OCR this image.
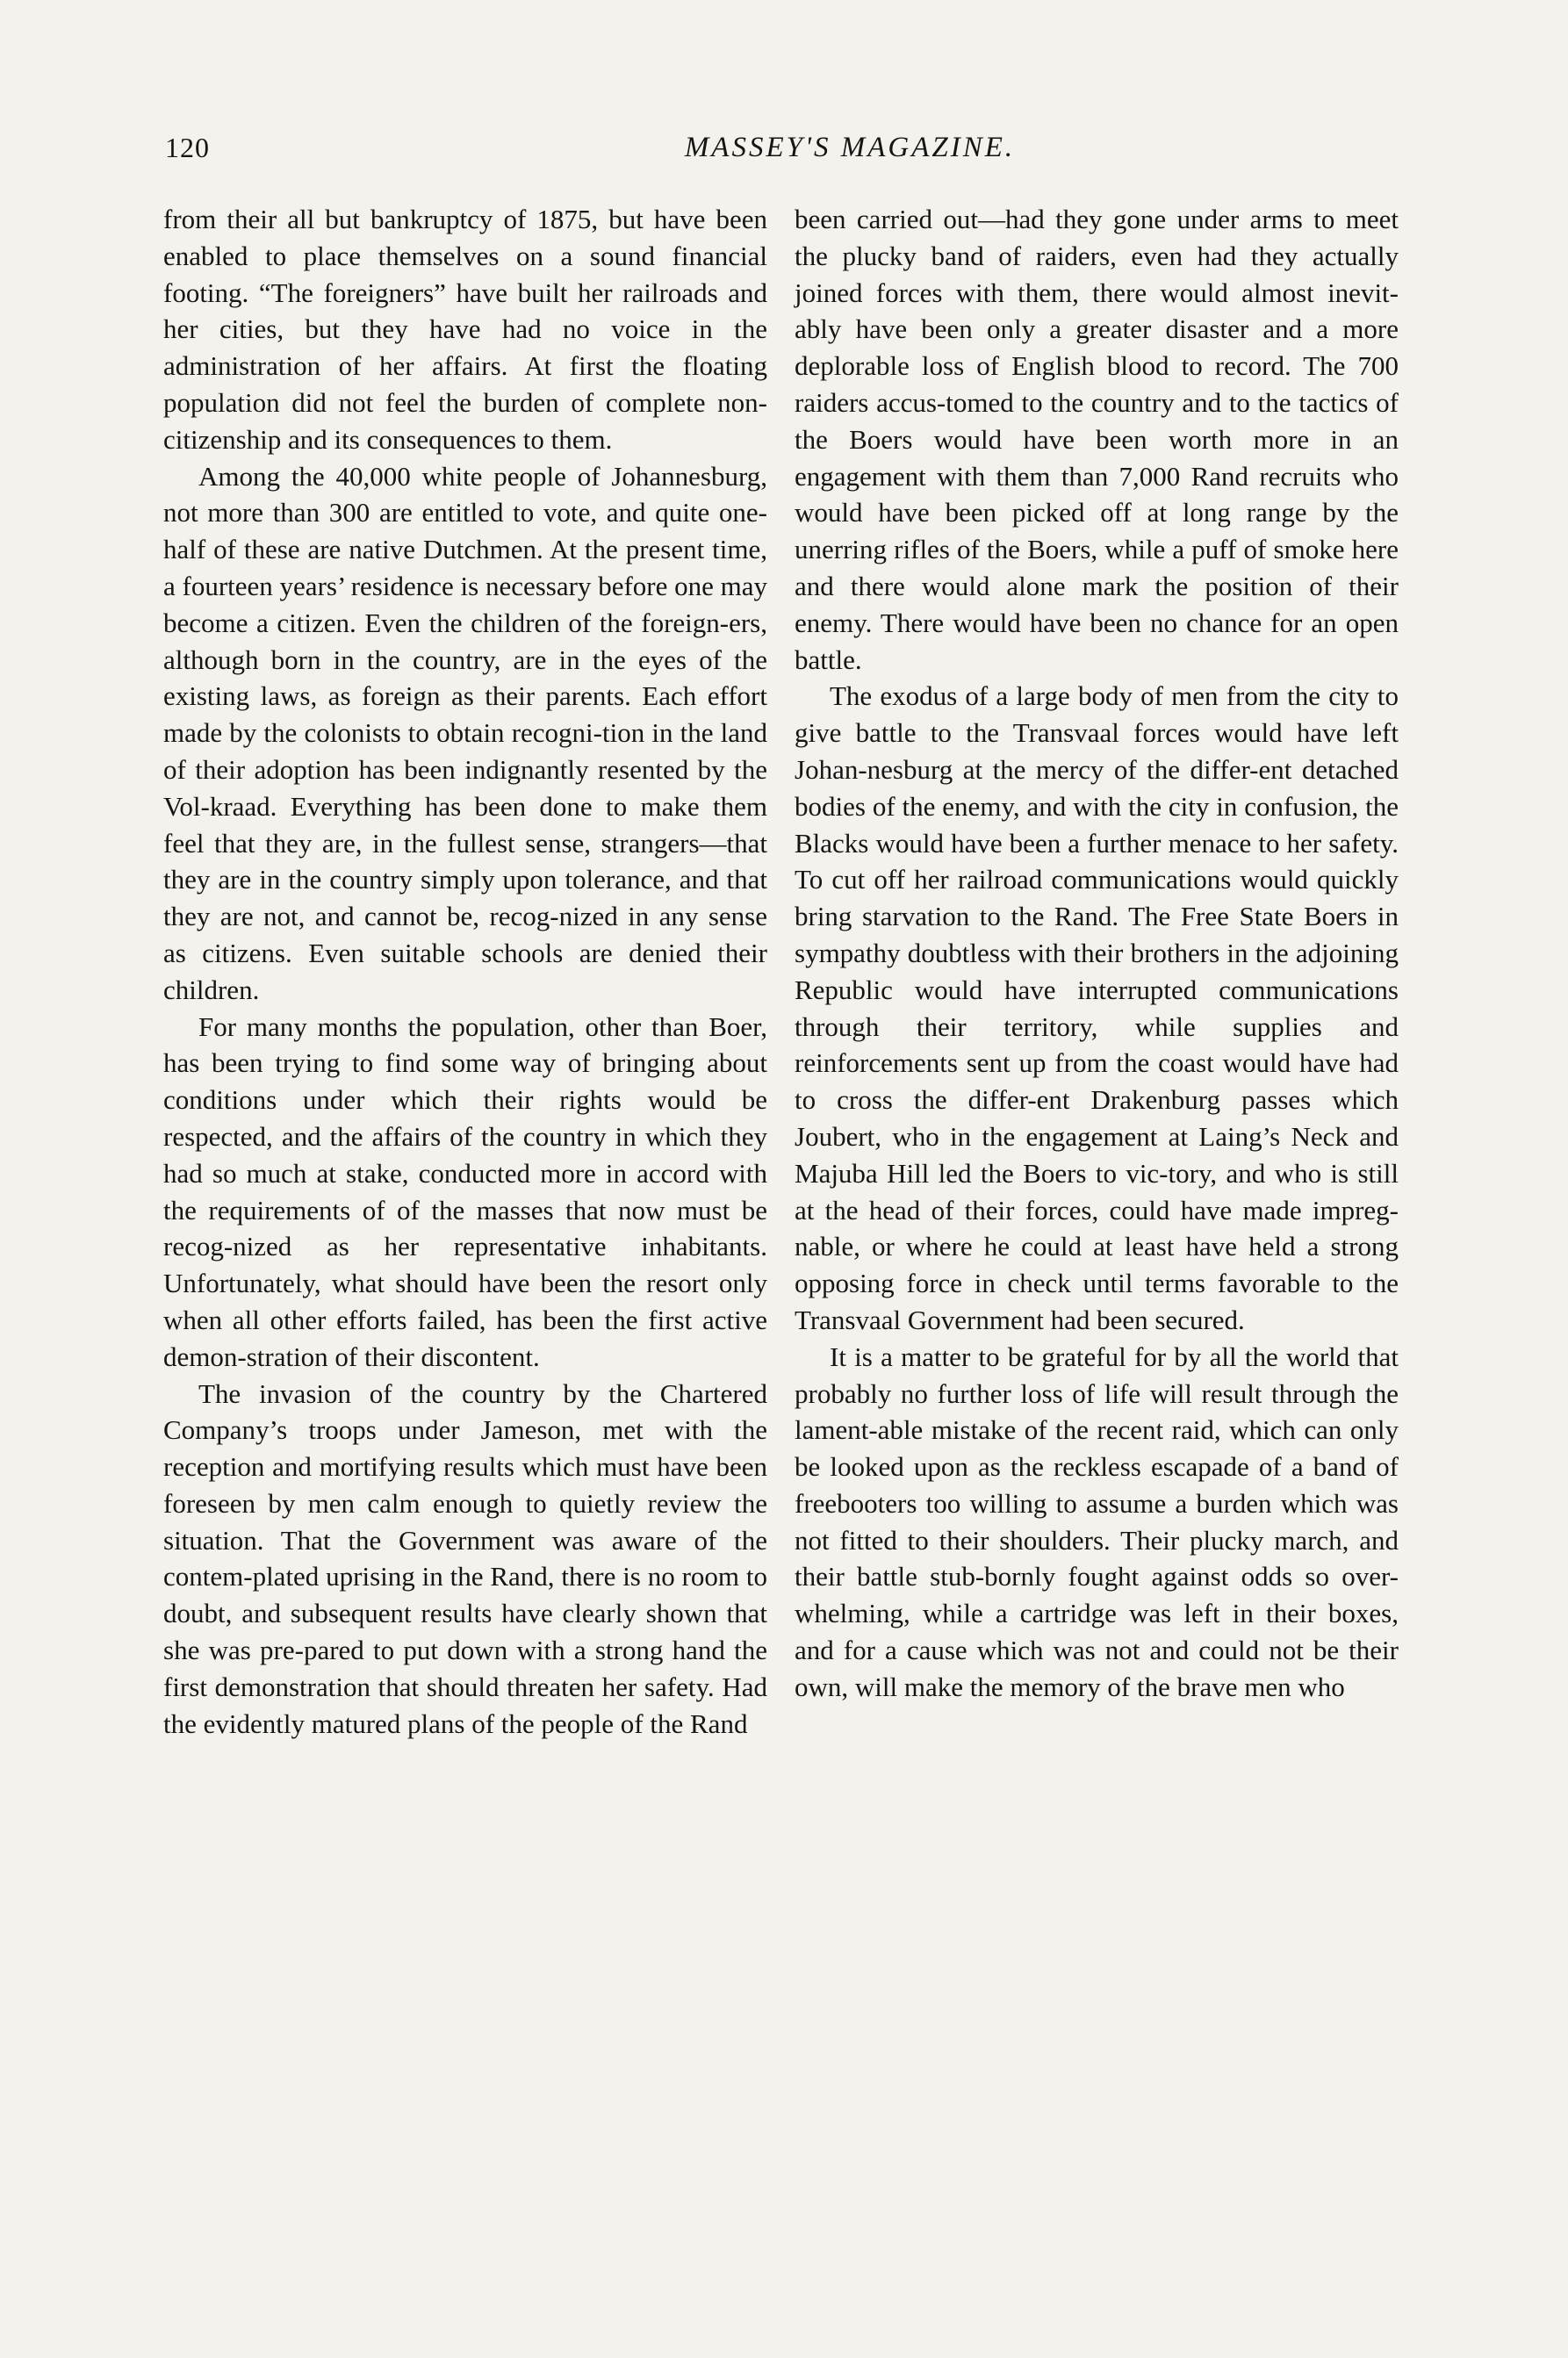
120	MASSEY'S MAGAZINE.

from their all but bankruptcy of 1875, but have been enabled to place themselves on a sound financial footing. “The foreigners” have built her railroads and her cities, but they have had no voice in the administration of her affairs. At first the floating population did not feel the burden of complete non-citizenship and its consequences to them.

Among the 40,000 white people of Johannesburg, not more than 300 are entitled to vote, and quite one-half of these are native Dutchmen. At the present time, a fourteen years’ residence is necessary before one may become a citizen. Even the children of the foreign-ers, although born in the country, are in the eyes of the existing laws, as foreign as their parents. Each effort made by the colonists to obtain recogni-tion in the land of their adoption has been indignantly resented by the Vol-kraad. Everything has been done to make them feel that they are, in the fullest sense, strangers—that they are in the country simply upon tolerance, and that they are not, and cannot be, recog-nized in any sense as citizens. Even suitable schools are denied their children.

For many months the population, other than Boer, has been trying to find some way of bringing about conditions under which their rights would be respected, and the affairs of the country in which they had so much at stake, conducted more in accord with the requirements of of the masses that now must be recog-nized as her representative inhabitants. Unfortunately, what should have been the resort only when all other efforts failed, has been the first active demon-stration of their discontent.

The invasion of the country by the Chartered Company’s troops under Jameson, met with the reception and mortifying results which must have been foreseen by men calm enough to quietly review the situation. That the Government was aware of the contem-plated uprising in the Rand, there is no room to doubt, and subsequent results have clearly shown that she was pre-pared to put down with a strong hand the first demonstration that should threaten her safety. Had the evidently matured plans of the people of the Rand

been carried out—had they gone under arms to meet the plucky band of raiders, even had they actually joined forces with them, there would almost inevit-ably have been only a greater disaster and a more deplorable loss of English blood to record. The 700 raiders accus-tomed to the country and to the tactics of the Boers would have been worth more in an engagement with them than 7,000 Rand recruits who would have been picked off at long range by the unerring rifles of the Boers, while a puff of smoke here and there would alone mark the position of their enemy. There would have been no chance for an open battle.

The exodus of a large body of men from the city to give battle to the Transvaal forces would have left Johan-nesburg at the mercy of the differ-ent detached bodies of the enemy, and with the city in confusion, the Blacks would have been a further menace to her safety. To cut off her railroad communications would quickly bring starvation to the Rand. The Free State Boers in sympathy doubtless with their brothers in the adjoining Republic would have interrupted communications through their territory, while supplies and reinforcements sent up from the coast would have had to cross the differ-ent Drakenburg passes which Joubert, who in the engagement at Laing’s Neck and Majuba Hill led the Boers to vic-tory, and who is still at the head of their forces, could have made impreg-nable, or where he could at least have held a strong opposing force in check until terms favorable to the Transvaal Government had been secured.

It is a matter to be grateful for by all the world that probably no further loss of life will result through the lament-able mistake of the recent raid, which can only be looked upon as the reckless escapade of a band of freebooters too willing to assume a burden which was not fitted to their shoulders. Their plucky march, and their battle stub-bornly fought against odds so over-whelming, while a cartridge was left in their boxes, and for a cause which was not and could not be their own, will make the memory of the brave men who
